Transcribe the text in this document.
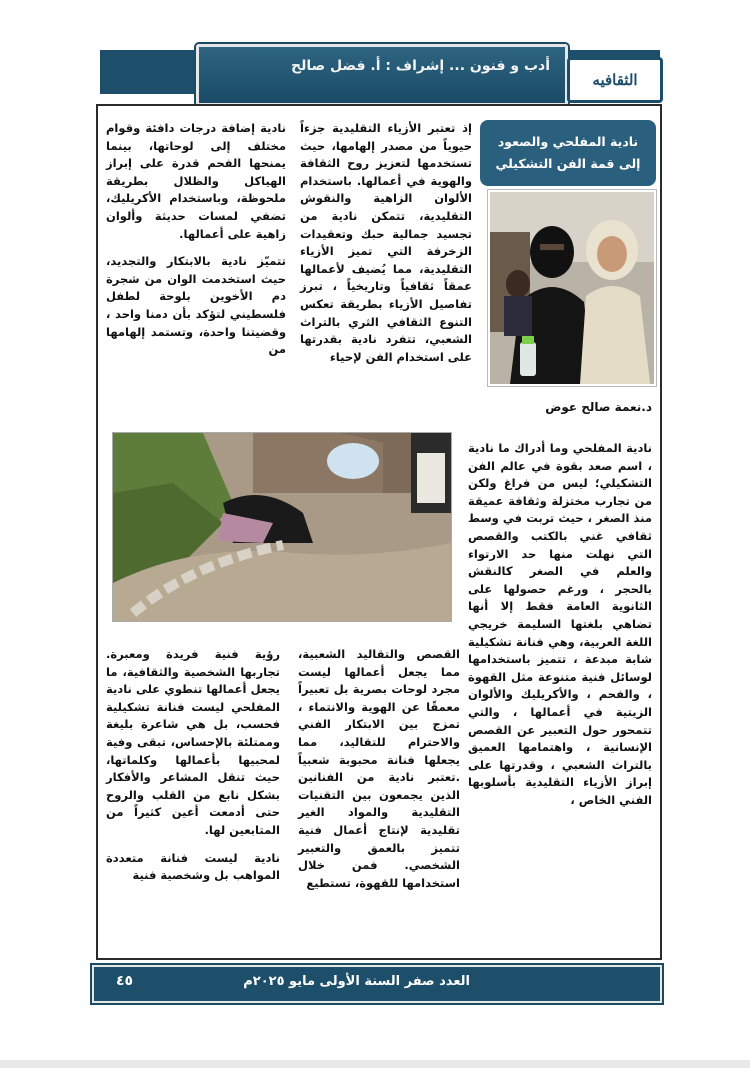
أدب و فنون ... إشراف : أ. فضل صالح
الثقافيه
نادية المفلحي والصعود إلى قمة الفن التشكيلي
د.نعمة صالح عوض

إذ تعتبر الأزياء التقليدية جزءاً حيوياً من مصدر إلهامها، حيث تستخدمها لتعزيز روح الثقافة والهوية في أعمالها. باستخدام الألوان الزاهية والنقوش التقليدية، تتمكن نادية من تجسيد جمالية حبك وتعقيدات الزخرفة التي تميز الأزياء التقليدية، مما يُضيف لأعمالها عمقاً ثقافياً وتاريخياً ، تبرز تفاصيل الأزياء بطريقة تعكس التنوع الثقافي الثري بالتراث الشعبي، تتفرد نادية بقدرتها على استخدام الفن لإحياء

نادية إضافة درجات دافئة وقوام مختلف إلى لوحاتها، بينما يمنحها الفحم قدرة على إبراز الهياكل والظلال بطريقة ملحوظة، وباستخدام الأكريليك، تضفي لمسات حديثة وألوان زاهية على أعمالها.

تتميّز نادية بالابتكار والتجديد، حيث استخدمت الوان من شجرة دم الأخوين بلوحة لطفل فلسطيني لتؤكد بأن دمنا واحد ، وقضيتنا واحدة، وتستمد إلهامها من

نادية المفلحي وما أدراك ما نادية ، اسم صعد بقوة في عالم الفن التشكيلي؛ ليس من فراغ ولكن من تجارب مختزلة وثقافة عميقة منذ الصغر ، حيث تربت في وسط ثقافي غني بالكتب والقصص التي نهلت منها حد الارتواء والعلم في الصغر كالنقش بالحجر ، ورغم حصولها على الثانوية العامة فقط إلا أنها تضاهي بلغتها السليمة خريجي اللغة العربية، وهي فنانة تشكيلية شابة مبدعة ، تتميز باستخدامها لوسائل فنية متنوعة مثل القهوة ، والفحم ، والأكريليك والألوان الزيتية في أعمالها ، والتي تتمحور حول التعبير عن القصص الإنسانية ، واهتمامها العميق بالتراث الشعبي ، وقدرتها على إبراز الأزياء التقليدية بأسلوبها الفني الخاص ،

القصص والتقاليد الشعبية، مما يجعل أعمالها ليست مجرد لوحات بصرية بل تعبيراً معمقًا عن الهوية والانتماء ، تمزج بين الابتكار الفني والاحترام للتقاليد، مما يجعلها فنانة محبوبة شعبياً .تعتبر نادية من الفنانين الذين يجمعون بين التقنيات التقليدية والمواد الغير تقليدية لإنتاج أعمال فنية تتميز بالعمق والتعبير الشخصي. فمن خلال استخدامها للقهوة، تستطيع

رؤية فنية فريدة ومعبرة. تجاربها الشخصية والثقافية، ما يجعل أعمالها تنطوي على نادية المفلحي ليست فنانة تشكيلية فحسب، بل هي شاعرة بليغة وممتلئة بالإحساس، تبقى وفية لمحبيها بأعمالها وكلماتها، حيث تنقل المشاعر والأفكار بشكل نابع من القلب والروح حتى أدمعت أعين كثيراً من المتابعين لها.

نادية ليست فنانة متعددة المواهب بل وشخصية فنية

العدد صفر السنة الأولى مايو ٢٠٢٥م
٤٥
